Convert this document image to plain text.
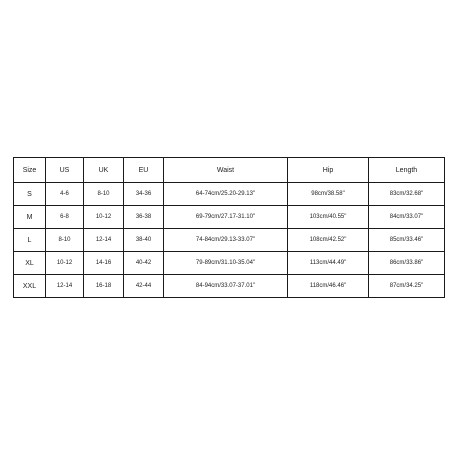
Size	US	UK	EU	Waist	Hip	Length
S	4-6	8-10	34-36	64-74cm/25.20-29.13"	98cm/38.58"	83cm/32.68"
M	6-8	10-12	36-38	69-79cm/27.17-31.10"	103cm/40.55"	84cm/33.07"
L	8-10	12-14	38-40	74-84cm/29.13-33.07"	108cm/42.52"	85cm/33.46"
XL	10-12	14-16	40-42	79-89cm/31.10-35.04"	113cm/44.49"	86cm/33.86"
XXL	12-14	16-18	42-44	84-94cm/33.07-37.01"	118cm/46.46"	87cm/34.25"
